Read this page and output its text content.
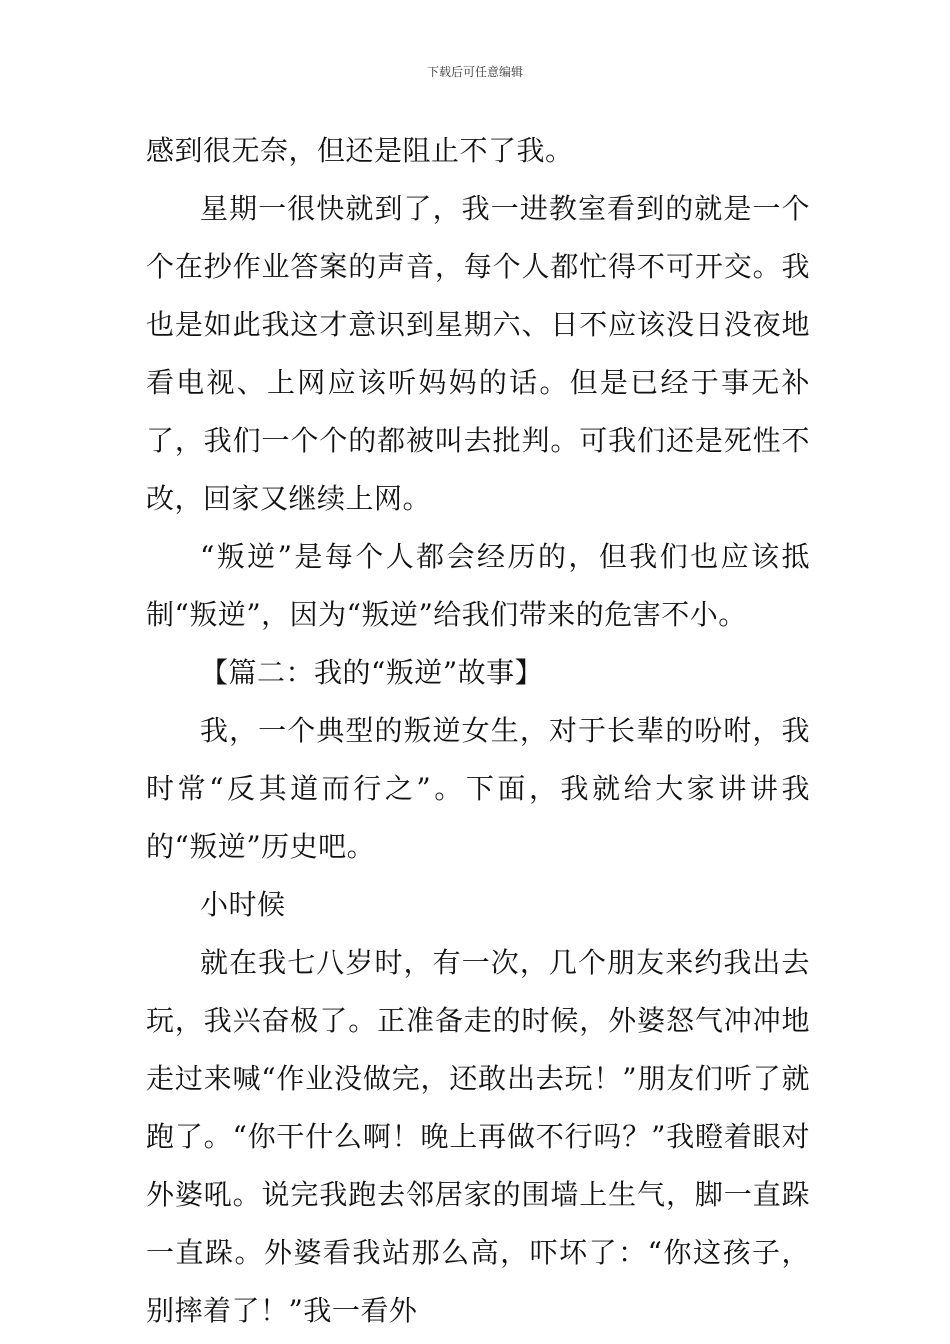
下载后可任意编辑

感到很无奈，但还是阻止不了我。

星期一很快就到了，我一进教室看到的就是一个个在抄作业答案的声音，每个人都忙得不可开交。我也是如此我这才意识到星期六、日不应该没日没夜地看电视、上网应该听妈妈的话。但是已经于事无补了，我们一个个的都被叫去批判。可我们还是死性不改，回家又继续上网。

“叛逆”是每个人都会经历的，但我们也应该抵制“叛逆”，因为“叛逆”给我们带来的危害不小。

【篇二：我的“叛逆”故事】

我，一个典型的叛逆女生，对于长辈的吩咐，我时常“反其道而行之”。下面，我就给大家讲讲我的“叛逆”历史吧。

小时候

就在我七八岁时，有一次，几个朋友来约我出去玩，我兴奋极了。正准备走的时候，外婆怒气冲冲地走过来喊“作业没做完，还敢出去玩！”朋友们听了就跑了。“你干什么啊！晚上再做不行吗？”我瞪着眼对外婆吼。说完我跑去邻居家的围墙上生气，脚一直跺一直跺。外婆看我站那么高，吓坏了：“你这孩子，别摔着了！”我一看外
